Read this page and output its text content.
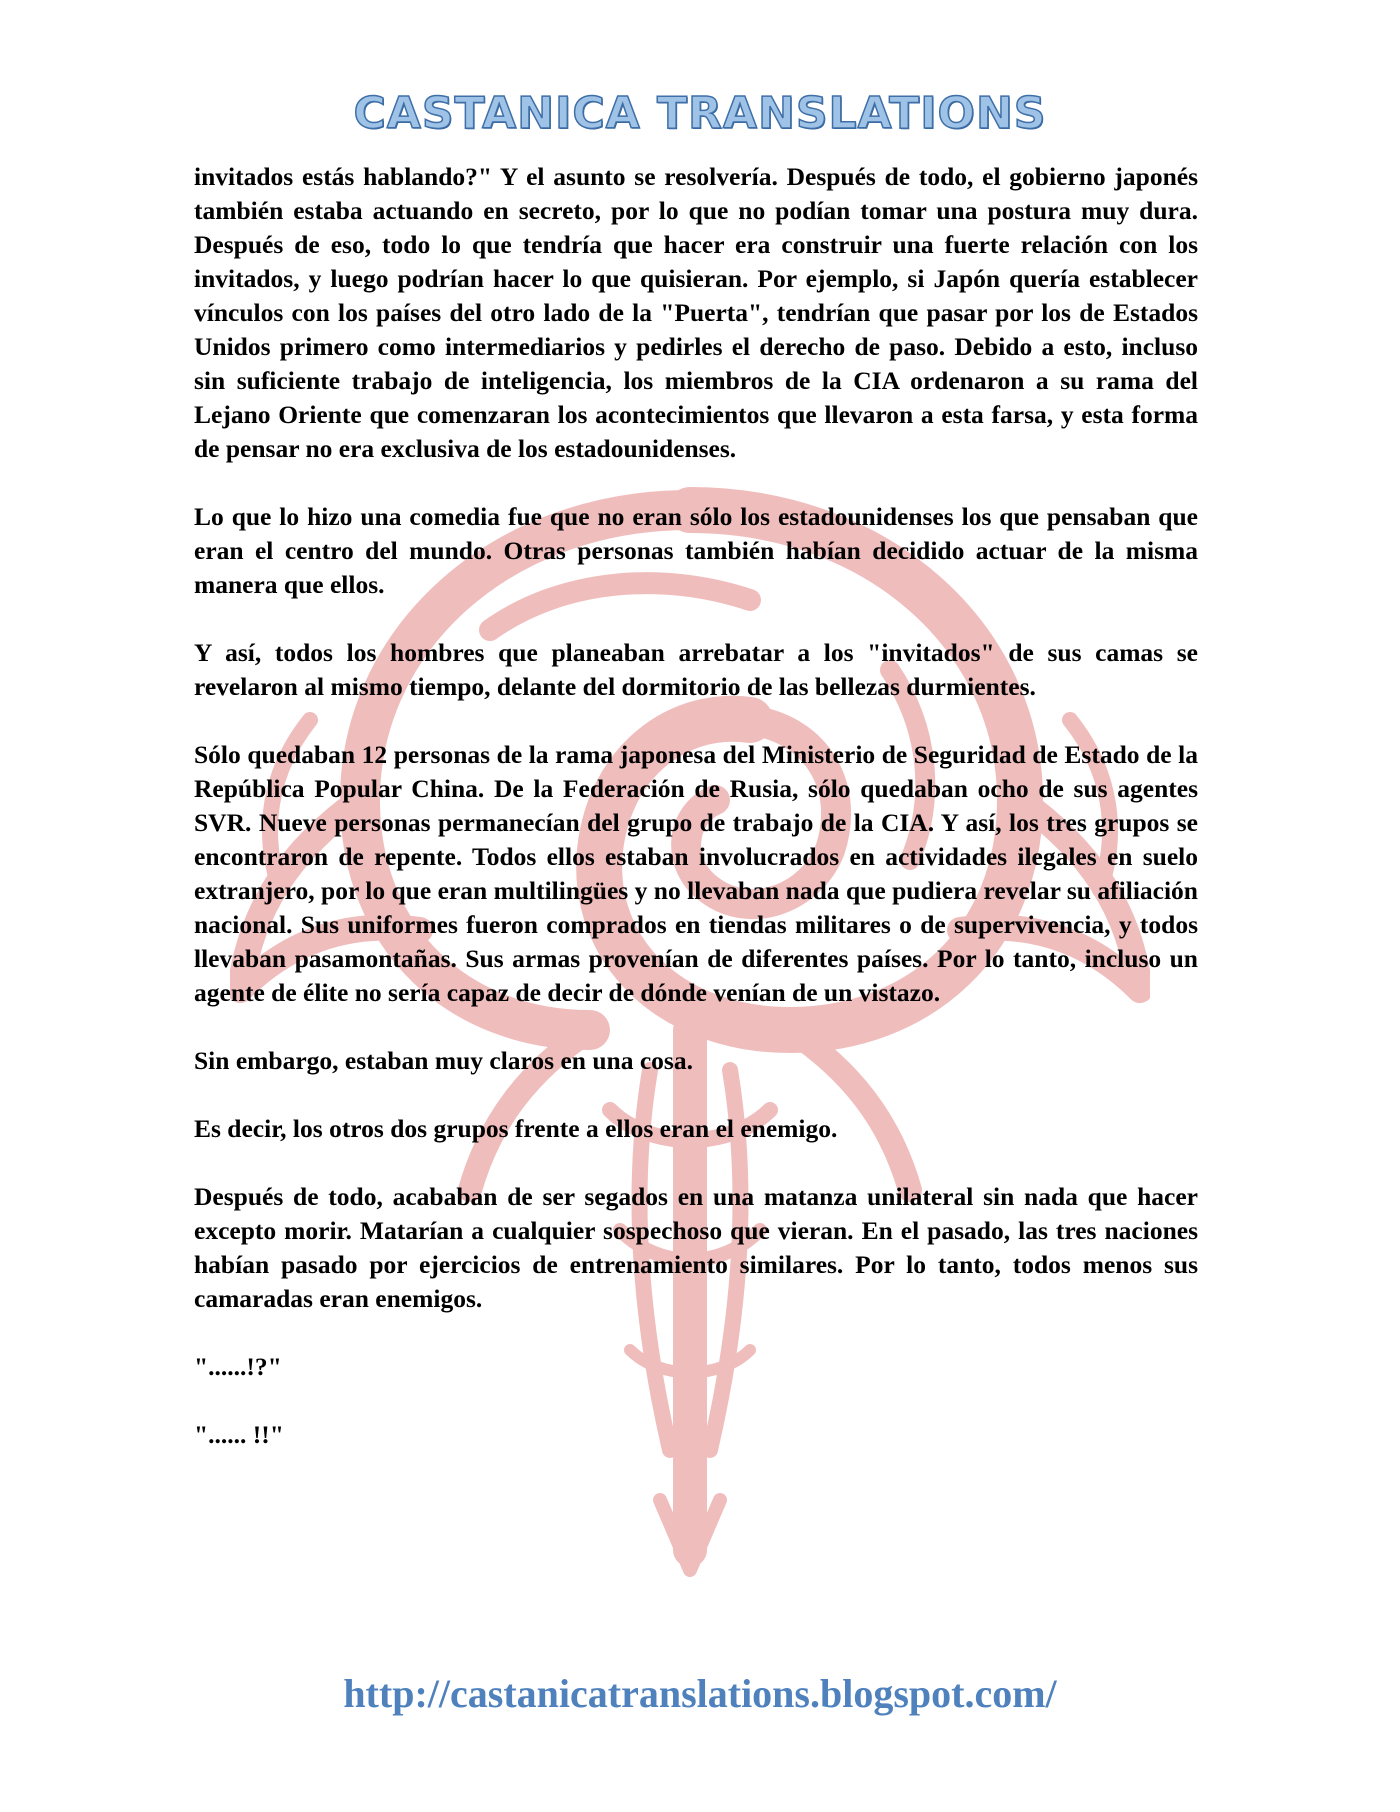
CASTANICA TRANSLATIONS

invitados estás hablando?" Y el asunto se resolvería. Después de todo, el gobierno japonés también estaba actuando en secreto, por lo que no podían tomar una postura muy dura. Después de eso, todo lo que tendría que hacer era construir una fuerte relación con los invitados, y luego podrían hacer lo que quisieran. Por ejemplo, si Japón quería establecer vínculos con los países del otro lado de la "Puerta", tendrían que pasar por los de Estados Unidos primero como intermediarios y pedirles el derecho de paso. Debido a esto, incluso sin suficiente trabajo de inteligencia, los miembros de la CIA ordenaron a su rama del Lejano Oriente que comenzaran los acontecimientos que llevaron a esta farsa, y esta forma de pensar no era exclusiva de los estadounidenses.

Lo que lo hizo una comedia fue que no eran sólo los estadounidenses los que pensaban que eran el centro del mundo. Otras personas también habían decidido actuar de la misma manera que ellos.

Y así, todos los hombres que planeaban arrebatar a los "invitados" de sus camas se revelaron al mismo tiempo, delante del dormitorio de las bellezas durmientes.

Sólo quedaban 12 personas de la rama japonesa del Ministerio de Seguridad de Estado de la República Popular China. De la Federación de Rusia, sólo quedaban ocho de sus agentes SVR. Nueve personas permanecían del grupo de trabajo de la CIA. Y así, los tres grupos se encontraron de repente. Todos ellos estaban involucrados en actividades ilegales en suelo extranjero, por lo que eran multilingües y no llevaban nada que pudiera revelar su afiliación nacional. Sus uniformes fueron comprados en tiendas militares o de supervivencia, y todos llevaban pasamontañas. Sus armas provenían de diferentes países. Por lo tanto, incluso un agente de élite no sería capaz de decir de dónde venían de un vistazo.

Sin embargo, estaban muy claros en una cosa.

Es decir, los otros dos grupos frente a ellos eran el enemigo.

Después de todo, acababan de ser segados en una matanza unilateral sin nada que hacer excepto morir. Matarían a cualquier sospechoso que vieran. En el pasado, las tres naciones habían pasado por ejercicios de entrenamiento similares. Por lo tanto, todos menos sus camaradas eran enemigos.

"......!?"

"...... !!"

http://castanicatranslations.blogspot.com/
